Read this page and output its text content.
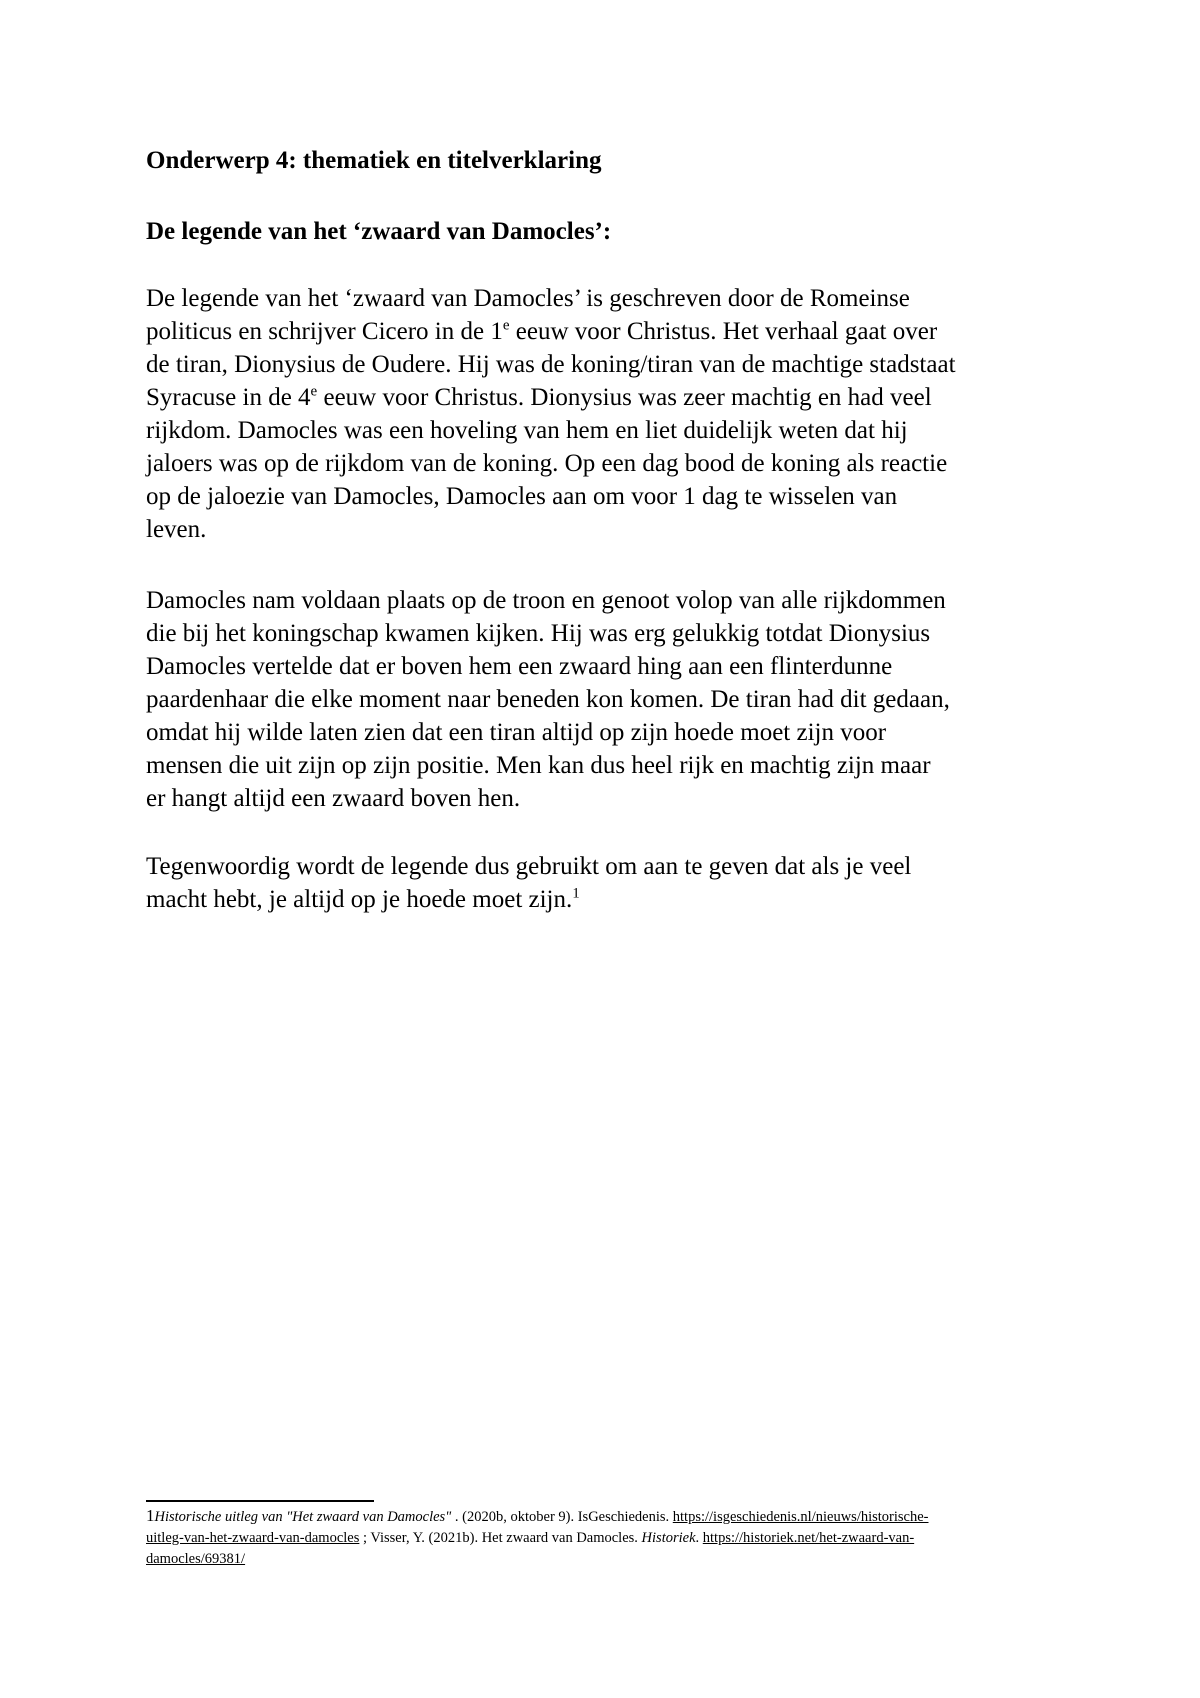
Onderwerp 4: thematiek en titelverklaring
De legende van het ‘zwaard van Damocles’:
De legende van het ‘zwaard van Damocles’ is geschreven door de Romeinse
politicus en schrijver Cicero in de 1e eeuw voor Christus. Het verhaal gaat over
de tiran, Dionysius de Oudere. Hij was de koning/tiran van de machtige stadstaat
Syracuse in de 4e eeuw voor Christus. Dionysius was zeer machtig en had veel
rijkdom. Damocles was een hoveling van hem en liet duidelijk weten dat hij
jaloers was op de rijkdom van de koning. Op een dag bood de koning als reactie
op de jaloezie van Damocles, Damocles aan om voor 1 dag te wisselen van
leven.
Damocles nam voldaan plaats op de troon en genoot volop van alle rijkdommen
die bij het koningschap kwamen kijken. Hij was erg gelukkig totdat Dionysius
Damocles vertelde dat er boven hem een zwaard hing aan een flinterdunne
paardenhaar die elke moment naar beneden kon komen. De tiran had dit gedaan,
omdat hij wilde laten zien dat een tiran altijd op zijn hoede moet zijn voor
mensen die uit zijn op zijn positie. Men kan dus heel rijk en machtig zijn maar
er hangt altijd een zwaard boven hen.
Tegenwoordig wordt de legende dus gebruikt om aan te geven dat als je veel
macht hebt, je altijd op je hoede moet zijn.$^1$
1Historische uitleg van "Het zwaard van Damocles" . (2020b, oktober 9). IsGeschiedenis. https://isgeschiedenis.nl/nieuws/historische-
uitleg-van-het-zwaard-van-damocles ; Visser, Y. (2021b). Het zwaard van Damocles. Historiek. https://historiek.net/het-zwaard-van-
damocles/69381/
